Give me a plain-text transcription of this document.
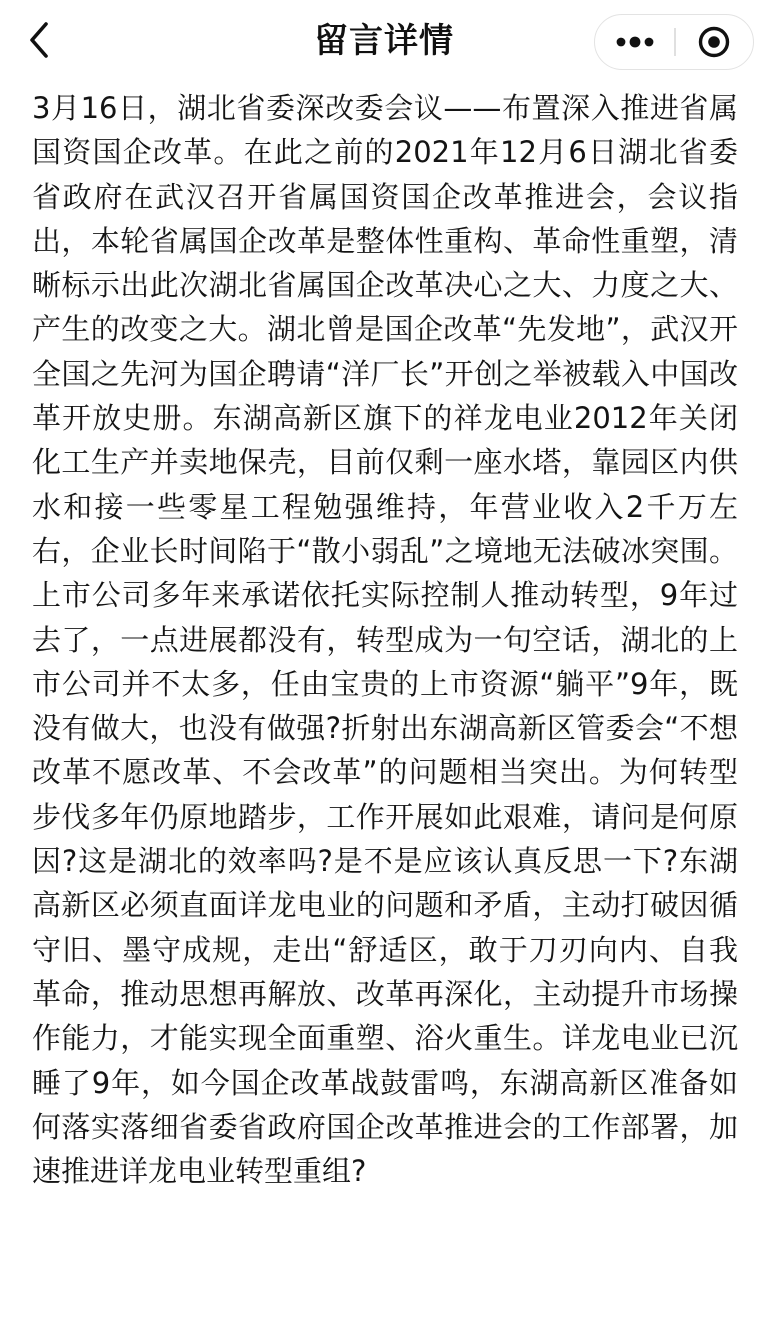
留言详情

3月16日，湖北省委深改委会议——布置深入推进省属国资国企改革。在此之前的2021年12月6日湖北省委省政府在武汉召开省属国资国企改革推进会，会议指出，本轮省属国企改革是整体性重构、革命性重塑，清晰标示出此次湖北省属国企改革决心之大、力度之大、产生的改变之大。湖北曾是国企改革“先发地”，武汉开全国之先河为国企聘请“洋厂长”开创之举被载入中国改革开放史册。东湖高新区旗下的祥龙电业2012年关闭化工生产并卖地保壳，目前仅剩一座水塔，靠园区内供水和接一些零星工程勉强维持，年营业收入2千万左右，企业长时间陷于“散小弱乱”之境地无法破冰突围。上市公司多年来承诺依托实际控制人推动转型，9年过去了，一点进展都没有，转型成为一句空话，湖北的上市公司并不太多，任由宝贵的上市资源“躺平”9年，既没有做大，也没有做强?折射出东湖高新区管委会“不想改革不愿改革、不会改革”的问题相当突出。为何转型步伐多年仍原地踏步，工作开展如此艰难，请问是何原因?这是湖北的效率吗?是不是应该认真反思一下?东湖高新区必须直面详龙电业的问题和矛盾，主动打破因循守旧、墨守成规，走出“舒适区，敢于刀刃向内、自我革命，推动思想再解放、改革再深化，主动提升市场操作能力，才能实现全面重塑、浴火重生。详龙电业已沉睡了9年，如今国企改革战鼓雷鸣，东湖高新区准备如何落实落细省委省政府国企改革推进会的工作部署，加速推进详龙电业转型重组?
